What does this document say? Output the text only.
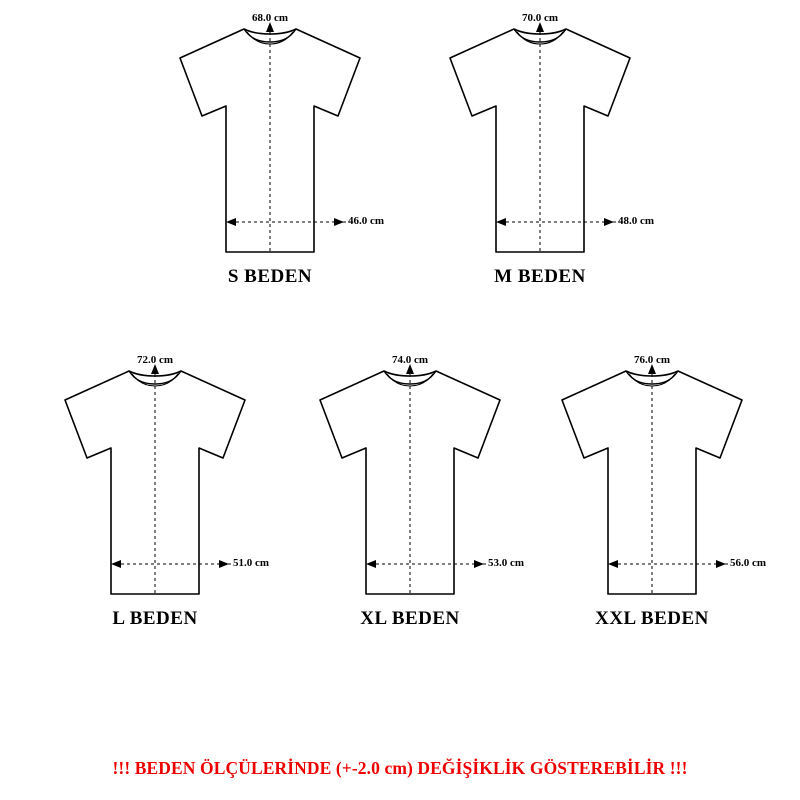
68.0 cm
46.0 cm
S BEDEN
70.0 cm
48.0 cm
M BEDEN
72.0 cm
51.0 cm
L BEDEN
74.0 cm
53.0 cm
XL BEDEN
76.0 cm
56.0 cm
XXL BEDEN
!!! BEDEN ÖLÇÜLERİNDE (+-2.0 cm) DEĞİŞİKLİK GÖSTEREBİLİR !!!
